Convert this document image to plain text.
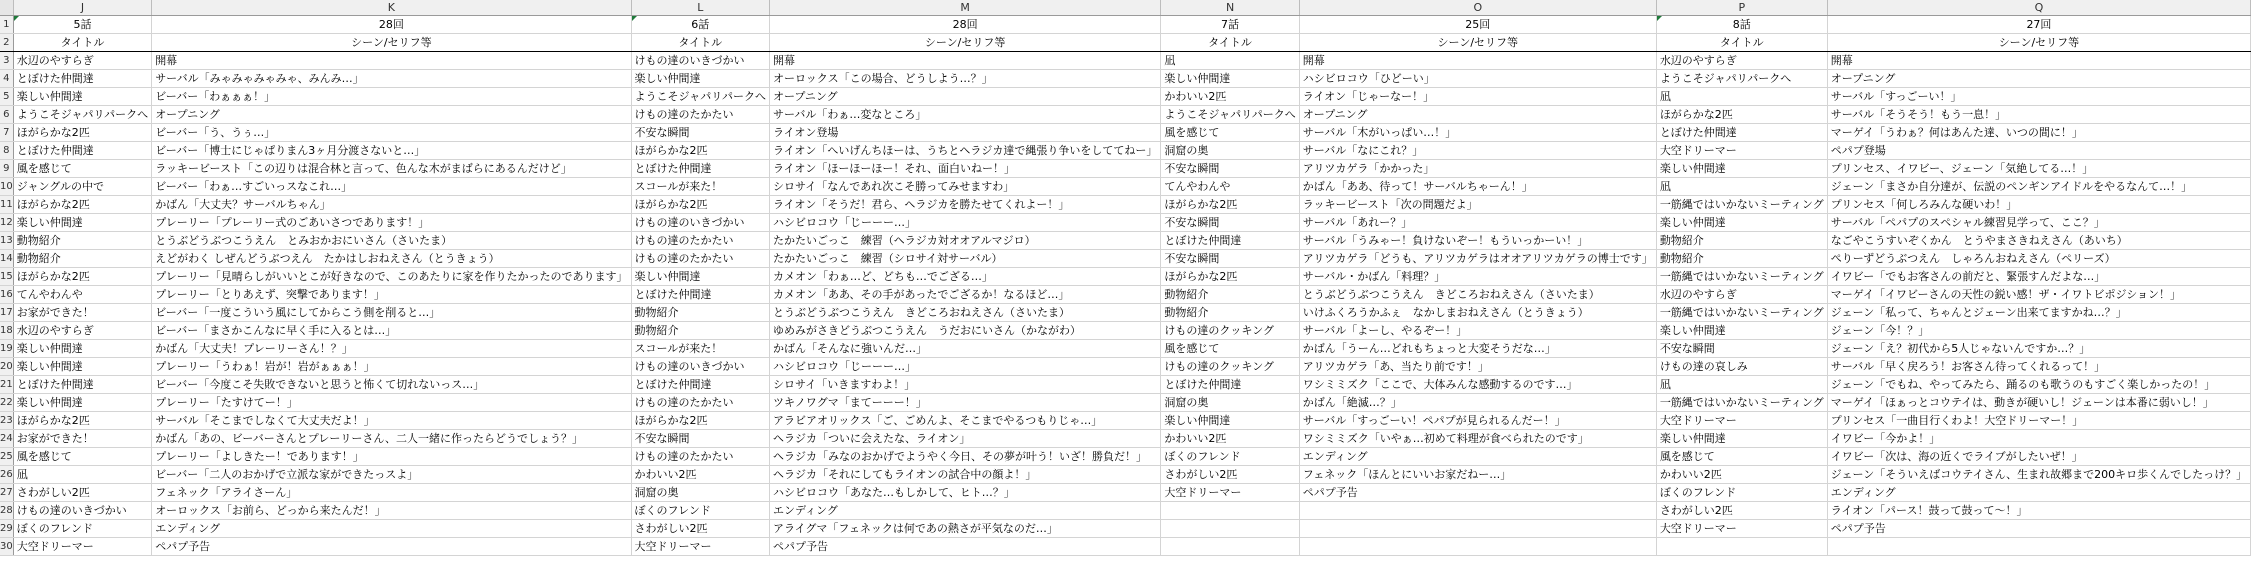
	J	K	L	M	N	O	P	Q
1	5話	28回	6話	28回	7話	25回	8話	27回
2	タイトル	シーン/セリフ等	タイトル	シーン/セリフ等	タイトル	シーン/セリフ等	タイトル	シーン/セリフ等
3	水辺のやすらぎ	開幕	けもの達のいきづかい	開幕	凪	開幕	水辺のやすらぎ	開幕
4	とぼけた仲間達	サーバル「みゃみゃみゃみゃ、みんみ…」	楽しい仲間達	オーロックス「この場合、どうしよう…？」	楽しい仲間達	ハシビロコウ「ひどーい」	ようこそジャパリパークへ	オープニング
5	楽しい仲間達	ビーバー「わぁぁぁ！」	ようこそジャパリパークへ	オープニング	かわいい2匹	ライオン「じゃーなー！」	凪	サーバル「すっごーい！」
6	ようこそジャパリパークへ	オープニング	けもの達のたかたい	サーバル「わぁ…変なところ」	ようこそジャパリパークへ	オープニング	ほがらかな2匹	サーバル「そうそう！もう一息！」
7	ほがらかな2匹	ビーバー「う、うぅ…」	不安な瞬間	ライオン登場	風を感じて	サーバル「木がいっぱい…！」	とぼけた仲間達	マーゲイ「うわぁ？何はあんた達、いつの間に！」
8	とぼけた仲間達	ビーバー「博士にじゃぱりまん3ヶ月分渡さないと…」	ほがらかな2匹	ライオン「へいげんちほーは、うちとヘラジカ達で縄張り争いをしててねー」	洞窟の奥	サーバル「なにこれ？」	大空ドリーマー	ペパプ登場
9	風を感じて	ラッキービースト「この辺りは混合林と言って、色んな木がまばらにあるんだけど」	とぼけた仲間達	ライオン「ほーほーほー！それ、面白いねー！」	不安な瞬間	アリツカゲラ「かかった」	楽しい仲間達	プリンセス、イワビー、ジェーン「気絶してる…！」
10	ジャングルの中で	ビーバー「わぁ…すごいっスなこれ…」	スコールが来た！	シロサイ「なんであれ次こそ勝ってみせますわ」	てんやわんや	かばん「ああ、待って！サーバルちゃーん！」	凪	ジェーン「まさか自分達が、伝説のペンギンアイドルをやるなんて…！」
11	ほがらかな2匹	かばん「大丈夫？サーバルちゃん」	ほがらかな2匹	ライオン「そうだ！君ら、ヘラジカを勝たせてくれよー！」	ほがらかな2匹	ラッキービースト「次の問題だよ」	一筋縄ではいかないミーティング	プリンセス「何しろみんな硬いわ！」
12	楽しい仲間達	プレーリー「プレーリー式のごあいさつであります！」	けもの達のいきづかい	ハシビロコウ「じーーー…」	不安な瞬間	サーバル「あれー？」	楽しい仲間達	サーバル「ペパプのスペシャル練習見学って、ここ？」
13	動物紹介	とうぶどうぶつこうえん　とみおかおにいさん（さいたま）	けもの達のたかたい	たかたいごっこ　練習（ヘラジカ対オオアルマジロ）	とぼけた仲間達	サーバル「うみゃー！負けないぞー！もういっかーい！」	動物紹介	なごやこうすいぞくかん　とうやまさきねえさん（あいち）
14	動物紹介	えどがわく しぜんどうぶつえん　たかはしおねえさん（とうきょう）	けもの達のたかたい	たかたいごっこ　練習（シロサイ対サーバル）	不安な瞬間	アリツカゲラ「どうも、アリツカゲラはオオアリツカゲラの博士です」	動物紹介	ぺりーずどうぶつえん　しゃろんおねえさん（ペリーズ）
15	ほがらかな2匹	プレーリー「見晴らしがいいとこが好きなので、このあたりに家を作りたかったのであります」	楽しい仲間達	カメオン「わぁ…ど、どちも…でござる…」	ほがらかな2匹	サーバル・かばん「料理？」	一筋縄ではいかないミーティング	イワビー「でもお客さんの前だと、緊張すんだよな…」
16	てんやわんや	プレーリー「とりあえず、突撃であります！」	とぼけた仲間達	カメオン「ああ、その手があったでござるか！なるほど…」	動物紹介	とうぶどうぶつこうえん　きどころおねえさん（さいたま）	水辺のやすらぎ	マーゲイ「イワビーさんの天性の鋭い感！ザ・イワトビポジション！」
17	お家ができた！	ビーバー「一度こういう風にしてからこう側を削ると…」	動物紹介	とうぶどうぶつこうえん　きどころおねえさん（さいたま）	動物紹介	いけふくろうかふぇ　なかしまおねえさん（とうきょう）	一筋縄ではいかないミーティング	ジェーン「私って、ちゃんとジェーン出来てますかね…？」
18	水辺のやすらぎ	ビーバー「まさかこんなに早く手に入るとは…」	動物紹介	ゆめみがさきどうぶつこうえん　うだおにいさん（かながわ）	けもの達のクッキング	サーバル「よーし、やるぞー！」	楽しい仲間達	ジェーン「今！？」
19	楽しい仲間達	かばん「大丈夫！プレーリーさん！？」	スコールが来た！	かばん「そんなに強いんだ…」	風を感じて	かばん「うーん…どれもちょっと大変そうだな…」	不安な瞬間	ジェーン「え？初代から5人じゃないんですか…？」
20	楽しい仲間達	プレーリー「うわぁ！岩が！岩がぁぁぁ！」	けもの達のいきづかい	ハシビロコウ「じーーー…」	けもの達のクッキング	アリツカゲラ「あ、当たり前です！」	けもの達の哀しみ	サーバル「早く戻ろう！お客さん待ってくれるって！」
21	とぼけた仲間達	ビーバー「今度こそ失敗できないと思うと怖くて切れないっス…」	とぼけた仲間達	シロサイ「いきますわよ！」	とぼけた仲間達	ワシミミズク「ここで、大体みんな感動するのです…」	凪	ジェーン「でもね、やってみたら、踊るのも歌うのもすごく楽しかったの！」
22	楽しい仲間達	プレーリー「たすけてー！」	けもの達のたかたい	ツキノワグマ「まてーーー！」	洞窟の奥	かばん「絶滅…？」	一筋縄ではいかないミーティング	マーゲイ「ほぁっとコウテイは、動きが硬いし！ジェーンは本番に弱いし！」
23	ほがらかな2匹	サーバル「そこまでしなくて大丈夫だよ！」	ほがらかな2匹	アラビアオリックス「ご、ごめんよ、そこまでやるつもりじゃ…」	楽しい仲間達	サーバル「すっごーい！ペパプが見られるんだー！」	大空ドリーマー	プリンセス「一曲目行くわよ！大空ドリーマー！」
24	お家ができた！	かばん「あの、ビーバーさんとプレーリーさん、二人一緒に作ったらどうでしょう？」	不安な瞬間	ヘラジカ「ついに会えたな、ライオン」	かわいい2匹	ワシミミズク「いやぁ…初めて料理が食べられたのです」	楽しい仲間達	イワビー「今かよ！」
25	風を感じて	プレーリー「よしきたー！であります！」	けもの達のたかたい	ヘラジカ「みなのおかげでようやく今日、その夢が叶う！いざ！勝負だ！」	ぼくのフレンド	エンディング	風を感じて	イワビー「次は、海の近くでライブがしたいぜ！」
26	凪	ビーバー「二人のおかげで立派な家ができたっスよ」	かわいい2匹	ヘラジカ「それにしてもライオンの試合中の顔よ！」	さわがしい2匹	フェネック「ほんとにいいお家だねー…」	かわいい2匹	ジェーン「そういえばコウテイさん、生まれ故郷まで200キロ歩くんでしたっけ？」
27	さわがしい2匹	フェネック「アライさーん」	洞窟の奥	ハシビロコウ「あなた…もしかして、ヒト…？」	大空ドリーマー	ペパプ予告	ぼくのフレンド	エンディング
28	けもの達のいきづかい	オーロックス「お前ら、どっから来たんだ！」	ぼくのフレンド	エンディング			さわがしい2匹	ライオン「パース！鼓って鼓って～！」
29	ぼくのフレンド	エンディング	さわがしい2匹	アライグマ「フェネックは何であの熱さが平気なのだ…」			大空ドリーマー	ペパプ予告
30	大空ドリーマー	ペパプ予告	大空ドリーマー	ペパプ予告				
